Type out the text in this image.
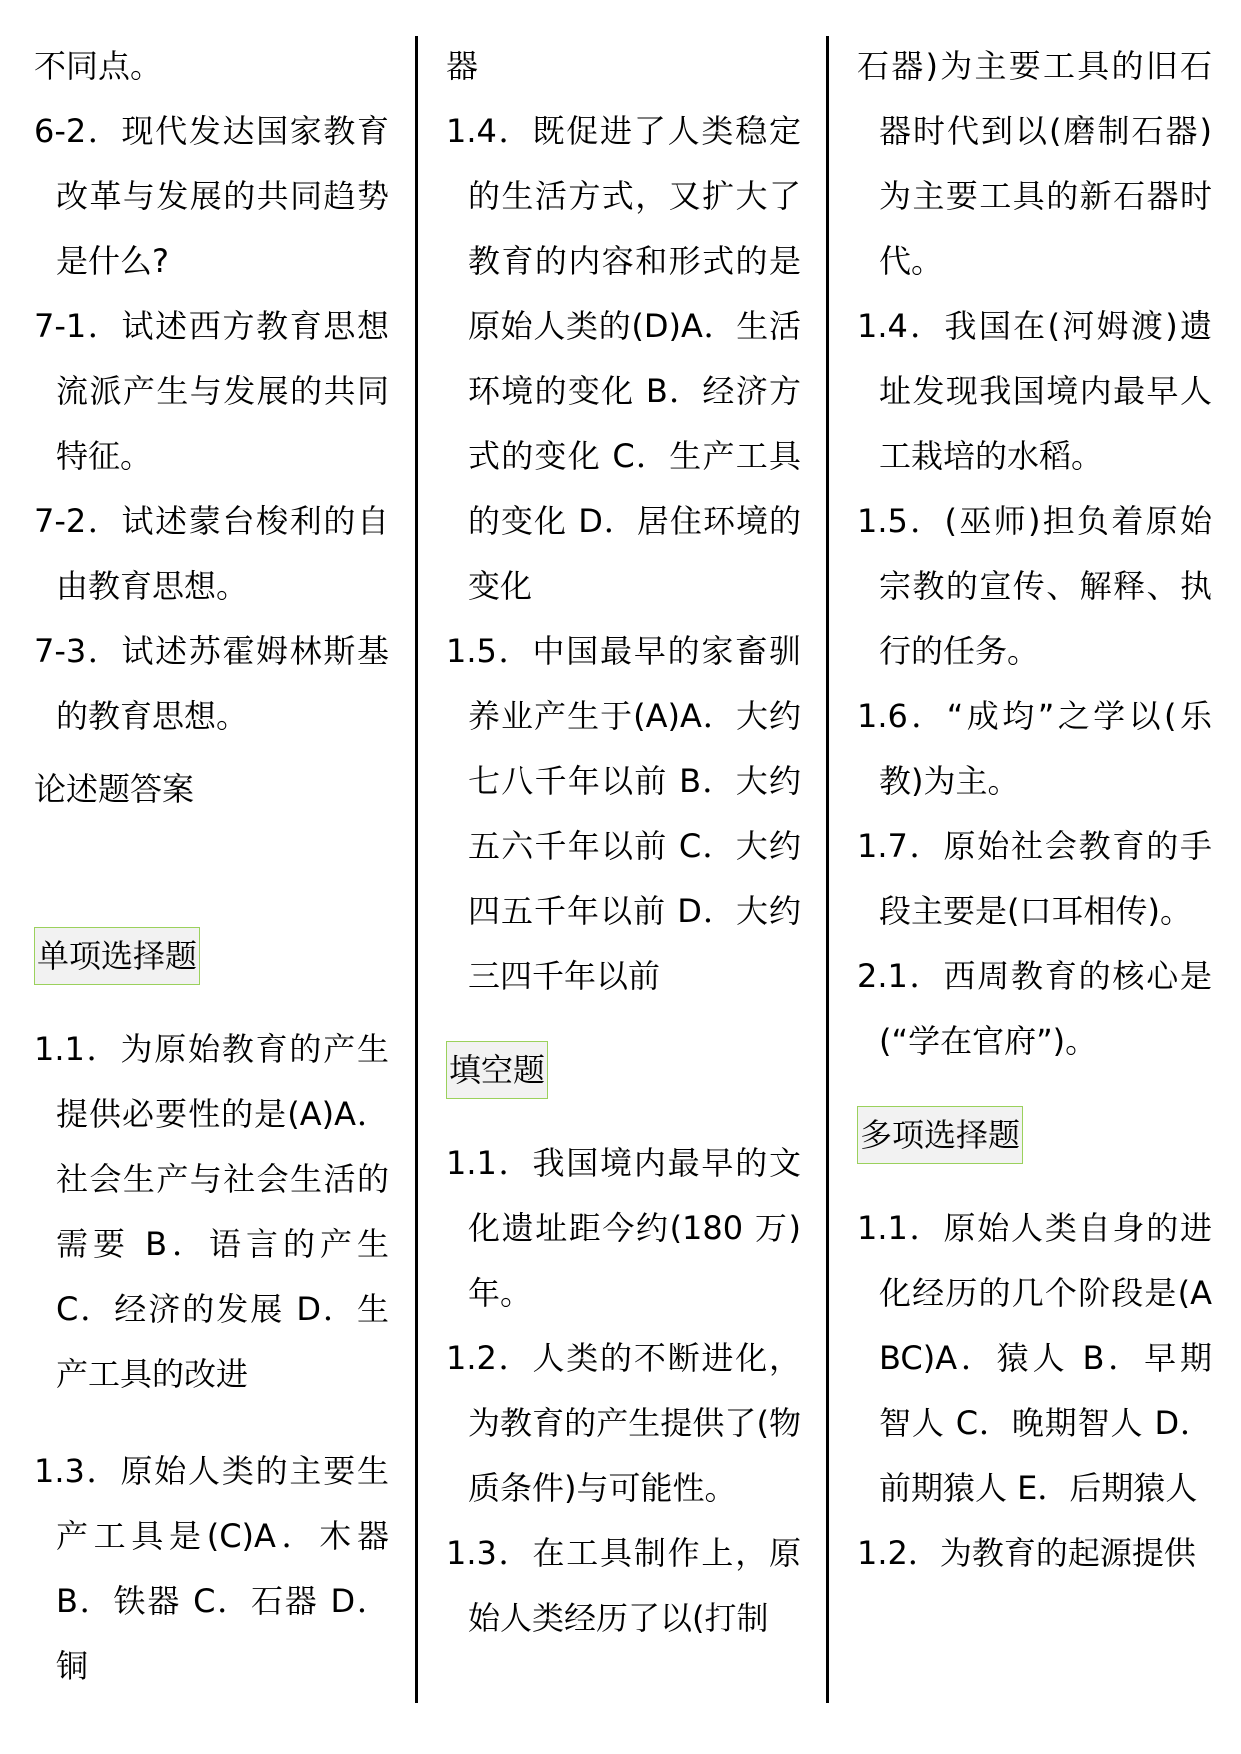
不同点。

6-2．现代发达国家教育改革与发展的共同趋势是什么?

7-1．试述西方教育思想流派产生与发展的共同特征。

7-2．试述蒙台梭利的自由教育思想。

7-3．试述苏霍姆林斯基的教育思想。

论述题答案

单项选择题

1.1．为原始教育的产生提供必要性的是(A)A．社会生产与社会生活的需要 B．语言的产生 C．经济的发展 D．生产工具的改进

1.3．原始人类的主要生产工具是(C)A．木器 B．铁器 C．石器 D．铜

器

1.4．既促进了人类稳定的生活方式，又扩大了教育的内容和形式的是原始人类的(D)A．生活环境的变化 B．经济方式的变化 C．生产工具的变化 D．居住环境的变化

1.5．中国最早的家畜驯养业产生于(A)A．大约七八千年以前 B．大约五六千年以前 C．大约四五千年以前 D．大约三四千年以前

填空题

1.1．我国境内最早的文化遗址距今约(180 万)年。

1.2．人类的不断进化，为教育的产生提供了(物质条件)与可能性。

1.3．在工具制作上，原始人类经历了以(打制

石器)为主要工具的旧石器时代到以(磨制石器)为主要工具的新石器时代。

1.4．我国在(河姆渡)遗址发现我国境内最早人工栽培的水稻。

1.5．(巫师)担负着原始宗教的宣传、解释、执行的任务。

1.6．“成均”之学以(乐教)为主。

1.7．原始社会教育的手段主要是(口耳相传)。

2.1．西周教育的核心是(“学在官府”)。

多项选择题

1.1．原始人类自身的进化经历的几个阶段是(ABC)A．猿人 B．早期智人 C．晚期智人 D．前期猿人 E．后期猿人

1.2．为教育的起源提供
